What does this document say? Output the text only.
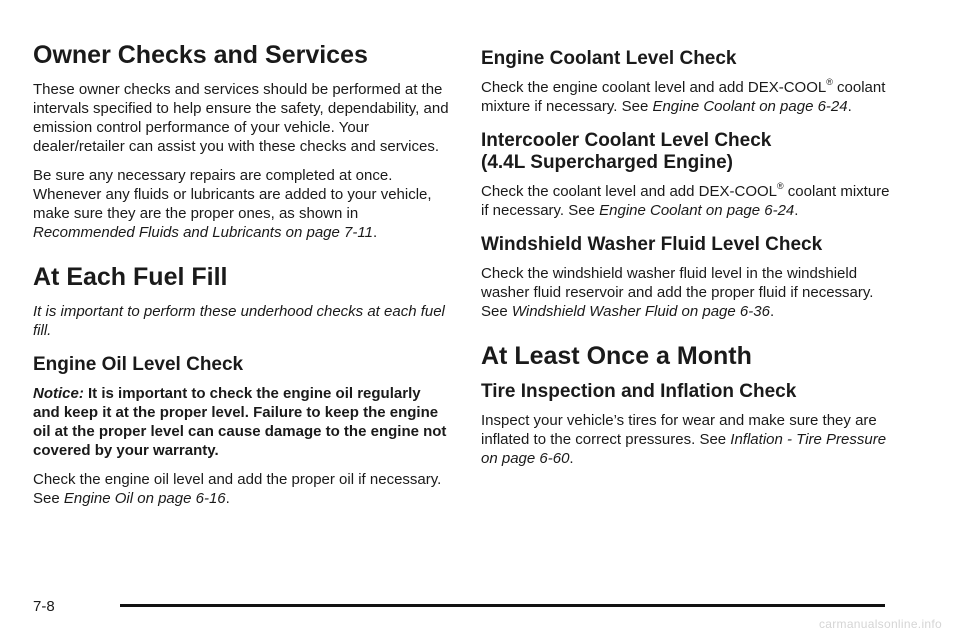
Owner Checks and Services

These owner checks and services should be performed at the intervals specified to help ensure the safety, dependability, and emission control performance of your vehicle. Your dealer/retailer can assist you with these checks and services.

Be sure any necessary repairs are completed at once. Whenever any fluids or lubricants are added to your vehicle, make sure they are the proper ones, as shown in Recommended Fluids and Lubricants on page 7-11.

At Each Fuel Fill

It is important to perform these underhood checks at each fuel fill.

Engine Oil Level Check

Notice: It is important to check the engine oil regularly and keep it at the proper level. Failure to keep the engine oil at the proper level can cause damage to the engine not covered by your warranty.

Check the engine oil level and add the proper oil if necessary. See Engine Oil on page 6-16.

Engine Coolant Level Check

Check the engine coolant level and add DEX-COOL® coolant mixture if necessary. See Engine Coolant on page 6-24.

Intercooler Coolant Level Check
(4.4L Supercharged Engine)

Check the coolant level and add DEX-COOL® coolant mixture if necessary. See Engine Coolant on page 6-24.

Windshield Washer Fluid Level Check

Check the windshield washer fluid level in the windshield washer fluid reservoir and add the proper fluid if necessary. See Windshield Washer Fluid on page 6-36.

At Least Once a Month
Tire Inspection and Inflation Check

Inspect your vehicle’s tires for wear and make sure they are inflated to the correct pressures. See Inflation - Tire Pressure on page 6-60.

7-8
carmanualsonline.info
